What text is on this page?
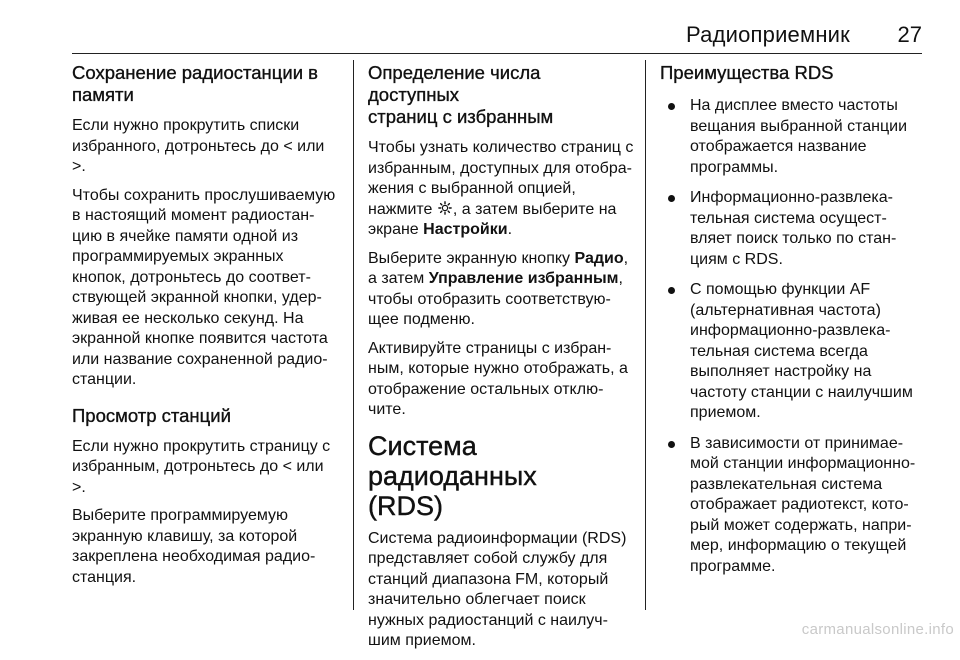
Радиоприемник 27
Сохранение радиостанции в
памяти

Если нужно прокрутить списки
избранного, дотроньтесь до < или
>.

Чтобы сохранить прослушиваемую
в настоящий момент радиостан-
цию в ячейке памяти одной из
программируемых экранных
кнопок, дотроньтесь до соответ-
ствующей экранной кнопки, удер-
живая ее несколько секунд. На
экранной кнопке появится частота
или название сохраненной радио-
станции.

Просмотр станций

Если нужно прокрутить страницу с
избранным, дотроньтесь до < или
>.

Выберите программируемую
экранную клавишу, за которой
закреплена необходимая радио-
станция.

Определение числа доступных
страниц с избранным

Чтобы узнать количество страниц с
избранным, доступных для отобра-
жения с выбранной опцией,
нажмите , а затем выберите на
экране Настройки.

Выберите экранную кнопку Радио,
а затем Управление избранным,
чтобы отобразить соответствую-
щее подменю.

Активируйте страницы с избран-
ным, которые нужно отображать, а
отображение остальных отклю-
чите.

Система радиоданных
(RDS)

Система радиоинформации (RDS)
представляет собой службу для
станций диапазона FM, который
значительно облегчает поиск
нужных радиостанций с наилуч-
шим приемом.

Преимущества RDS
На дисплее вместо частоты
вещания выбранной станции
отображается название
программы.
Информационно-развлека-
тельная система осущест-
вляет поиск только по стан-
циям с RDS.
С помощью функции AF
(альтернативная частота)
информационно-развлека-
тельная система всегда
выполняет настройку на
частоту станции с наилучшим
приемом.
В зависимости от принимае-
мой станции информационно-
развлекательная система
отображает радиотекст, кото-
рый может содержать, напри-
мер, информацию о текущей
программе.
carmanualsonline.info
